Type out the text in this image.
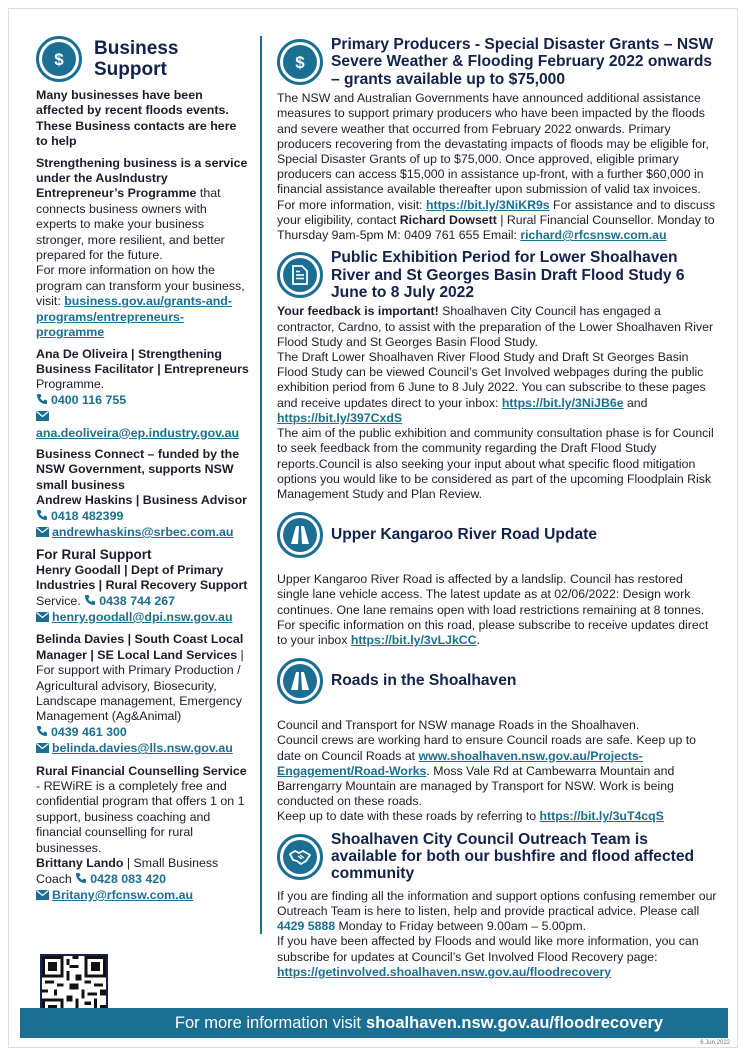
$
Business Support
Many businesses have been affected by recent floods events. These Business contacts are here to help
Strengthening business is a service under the AusIndustry Entrepreneur’s Programme that connects business owners with experts to make your business stronger, more resilient, and better prepared for the future.
For more information on how the program can transform your business, visit: business.gov.au/grants-and-programs/entrepreneurs-programme
Ana De Oliveira | Strengthening Business Facilitator | Entrepreneurs Programme.
0400 116 755
ana.deoliveira@ep.industry.gov.au
Business Connect – funded by the NSW Government, supports NSW small business
Andrew Haskins | Business Advisor
0418 482399
andrewhaskins@srbec.com.au
For Rural Support
Henry Goodall | Dept of Primary Industries | Rural Recovery Support Service. 0438 744 267
henry.goodall@dpi.nsw.gov.au
Belinda Davies | South Coast Local Manager | SE Local Land Services | For support with Primary Production / Agricultural advisory, Biosecurity, Landscape management, Emergency Management (Ag&Animal)
0439 461 300
belinda.davies@lls.nsw.gov.au
Rural Financial Counselling Service - REWiRE is a completely free and confidential program that offers 1 on 1 support, business coaching and financial counselling for rural businesses.
Brittany Lando | Small Business Coach 0428 083 420
Britany@rfcnsw.com.au
$
Primary Producers - Special Disaster Grants – NSW Severe Weather & Flooding February 2022 onwards – grants available up to $75,000
The NSW and Australian Governments have announced additional assistance measures to support primary producers who have been impacted by the floods and severe weather that occurred from February 2022 onwards. Primary producers recovering from the devastating impacts of floods may be eligible for, Special Disaster Grants of up to $75,000. Once approved, eligible primary producers can access $15,000 in assistance up-front, with a further $60,000 in financial assistance available thereafter upon submission of valid tax invoices. For more information, visit: https://bit.ly/3NiKR9s For assistance and to discuss your eligibility, contact Richard Dowsett | Rural Financial Counsellor. Monday to Thursday 9am-5pm M: 0409 761 655 Email: richard@rfcsnsw.com.au
Public Exhibition Period for Lower Shoalhaven River and St Georges Basin Draft Flood Study 6 June to 8 July 2022

Your feedback is important! Shoalhaven City Council has engaged a contractor, Cardno, to assist with the preparation of the Lower Shoalhaven River Flood Study and St Georges Basin Flood Study.

The Draft Lower Shoalhaven River Flood Study and Draft St Georges Basin Flood Study can be viewed Council’s Get Involved webpages during the public exhibition period from 6 June to 8 July 2022. You can subscribe to these pages and receive updates direct to your inbox: https://bit.ly/3NiJB6e and https://bit.ly/397CxdS

The aim of the public exhibition and community consultation phase is for Council to seek feedback from the community regarding the Draft Flood Study reports.Council is also seeking your input about what specific flood mitigation options you would like to be considered as part of the upcoming Floodplain Risk Management Study and Plan Review.

Upper Kangaroo River Road Update
Upper Kangaroo River Road is affected by a landslip. Council has restored single lane vehicle access. The latest update as at 02/06/2022: Design work continues. One lane remains open with load restrictions remaining at 8 tonnes. For specific information on this road, please subscribe to receive updates direct to your inbox https://bit.ly/3vLJkCC.
Roads in the Shoalhaven

Council and Transport for NSW manage Roads in the Shoalhaven.

Council crews are working hard to ensure Council roads are safe. Keep up to date on Council Roads at www.shoalhaven.nsw.gov.au/Projects-Engagement/Road-Works. Moss Vale Rd at Cambewarra Mountain and Barrengarry Mountain are managed by Transport for NSW. Work is being conducted on these roads.

Keep up to date with these roads by referring to https://bit.ly/3uT4cqS

Shoalhaven City Council Outreach Team is available for both our bushfire and flood affected community

If you are finding all the information and support options confusing remember our Outreach Team is here to listen, help and provide practical advice. Please call 4429 5888 Monday to Friday between 9.00am – 5.00pm.

If you have been affected by Floods and would like more information, you can subscribe for updates at Council’s Get Involved Flood Recovery page: https://getinvolved.shoalhaven.nsw.gov.au/floodrecovery

For more information visit shoalhaven.nsw.gov.au/floodrecovery
6 Jun 2022
